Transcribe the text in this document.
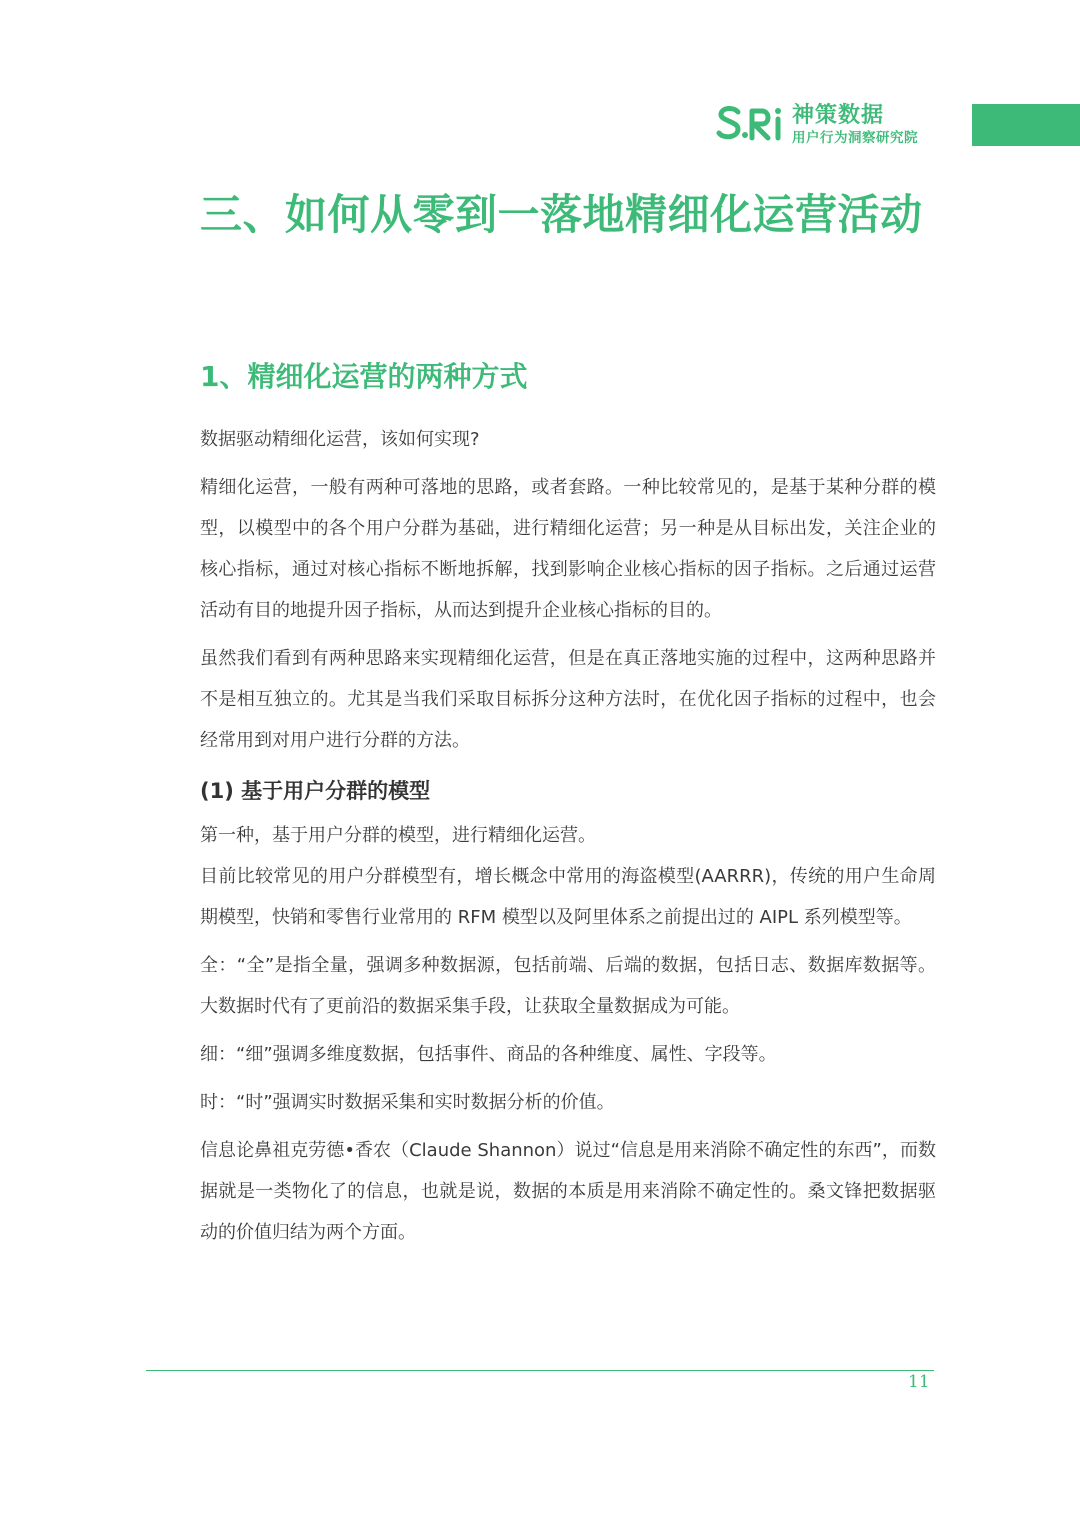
神策数据
用户行为洞察研究院
三、如何从零到一落地精细化运营活动
1、精细化运营的两种方式

数据驱动精细化运营，该如何实现?

精细化运营，一般有两种可落地的思路，或者套路。一种比较常见的，是基于某种分群的模型，以模型中的各个用户分群为基础，进行精细化运营；另一种是从目标出发，关注企业的核心指标，通过对核心指标不断地拆解，找到影响企业核心指标的因子指标。之后通过运营活动有目的地提升因子指标，从而达到提升企业核心指标的目的。

虽然我们看到有两种思路来实现精细化运营，但是在真正落地实施的过程中，这两种思路并不是相互独立的。尤其是当我们采取目标拆分这种方法时，在优化因子指标的过程中，也会经常用到对用户进行分群的方法。

(1) 基于用户分群的模型

第一种，基于用户分群的模型，进行精细化运营。

目前比较常见的用户分群模型有，增长概念中常用的海盗模型(AARRR)，传统的用户生命周期模型，快销和零售行业常用的 RFM 模型以及阿里体系之前提出过的 AIPL 系列模型等。

全：“全”是指全量，强调多种数据源，包括前端、后端的数据，包括日志、数据库数据等。大数据时代有了更前沿的数据采集手段，让获取全量数据成为可能。

细：“细”强调多维度数据，包括事件、商品的各种维度、属性、字段等。

时：“时”强调实时数据采集和实时数据分析的价值。

信息论鼻祖克劳德•香农（Claude Shannon）说过“信息是用来消除不确定性的东西”，而数据就是一类物化了的信息，也就是说，数据的本质是用来消除不确定性的。桑文锋把数据驱动的价值归结为两个方面。

11
